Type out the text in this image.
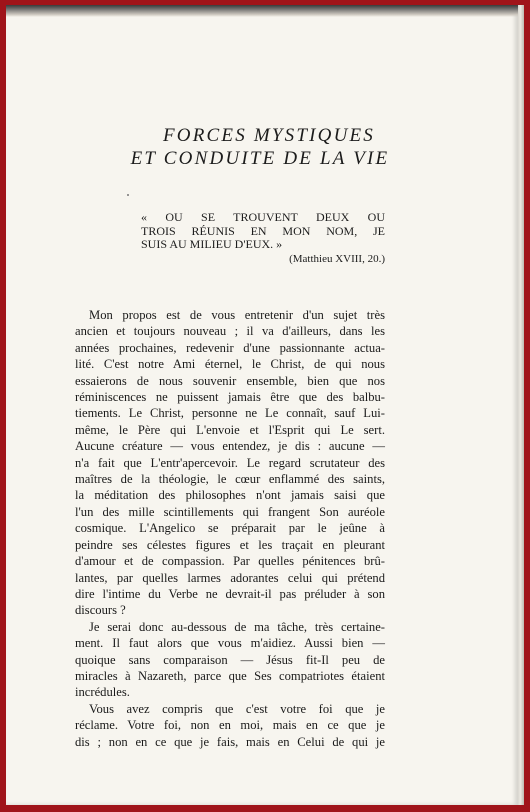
FORCES MYSTIQUES
ET CONDUITE DE LA VIE
« OU SE TROUVENT DEUX OU
TROIS RÉUNIS EN MON NOM, JE
SUIS AU MILIEU D'EUX. »
(Matthieu XVIII, 20.)
Mon propos est de vous entretenir d'un sujet très
ancien et toujours nouveau ; il va d'ailleurs, dans les
années prochaines, redevenir d'une passionnante actua-
lité. C'est notre Ami éternel, le Christ, de qui nous
essaierons de nous souvenir ensemble, bien que nos
réminiscences ne puissent jamais être que des balbu-
tiements. Le Christ, personne ne Le connaît, sauf Lui-
même, le Père qui L'envoie et l'Esprit qui Le sert.
Aucune créature — vous entendez, je dis : aucune —
n'a fait que L'entr'apercevoir. Le regard scrutateur des
maîtres de la théologie, le cœur enflammé des saints,
la méditation des philosophes n'ont jamais saisi que
l'un des mille scintillements qui frangent Son auréole
cosmique. L'Angelico se préparait par le jeûne à
peindre ses célestes figures et les traçait en pleurant
d'amour et de compassion. Par quelles pénitences brû-
lantes, par quelles larmes adorantes celui qui prétend
dire l'intime du Verbe ne devrait-il pas préluder à son
discours ?
Je serai donc au-dessous de ma tâche, très certaine-
ment. Il faut alors que vous m'aidiez. Aussi bien —
quoique sans comparaison — Jésus fit-Il peu de
miracles à Nazareth, parce que Ses compatriotes étaient
incrédules.
Vous avez compris que c'est votre foi que je
réclame. Votre foi, non en moi, mais en ce que je
dis ; non en ce que je fais, mais en Celui de qui je
